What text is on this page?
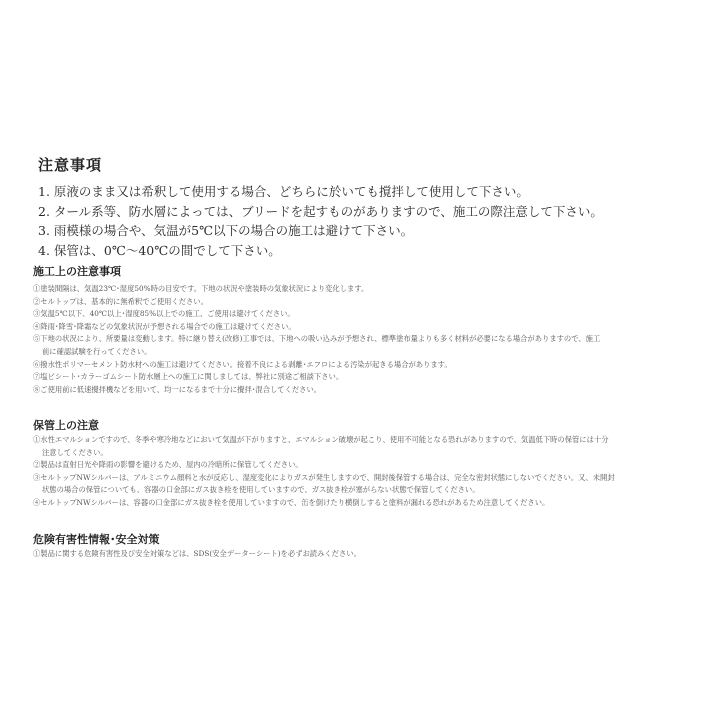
注意事項
1. 原液のまま又は希釈して使用する場合、どちらに於いても撹拌して使用して下さい。
2. タール系等、防水層によっては、ブリードを起すものがありますので、施工の際注意して下さい。
3. 雨模様の場合や、気温が5℃以下の場合の施工は避けて下さい。
4. 保管は、0℃～40℃の間でして下さい。
施工上の注意事項
①塗装間隔は、気温23℃･湿度50%時の目安です。下地の状況や塗装時の気象状況により変化します。
②セルトップは、基本的に無希釈でご使用ください。
③気温5℃以下、40℃以上･湿度85%以上での施工、ご使用は避けてください。
④降雨･降雪･降霜などの気象状況が予想される場合での施工は避けてください。
⑤下地の状況により、所要量は変動します。特に継り替え(改修)工事では、下地への吸い込みが予想され、標準塗布量よりも多く材料が必要になる場合がありますので、施工
前に確認試験を行ってください。
⑥撥水性ポリマーセメント防水材への施工は避けてください。接着不良による剥離･エフロによる汚染が起きる場合があります。
⑦塩ビシート･カラーゴムシート防水層上への施工に関しましては、弊社に別途ご相談下さい。
⑧ご使用前に低速攪拌機などを用いて、均一になるまで十分に攪拌･混合してください。
保管上の注意
①水性エマルションですので、冬季や寒冷地などにおいて気温が下がりますと、エマルション破壊が起こり、使用不可能となる恐れがありますので、気温低下時の保管には十分
注意してください。
②製品は直射日光や降雨の影響を避けるため、屋内の冷暗所に保管してください。
③セルトップNWシルバーは、アルミニウム顔料と水が反応し、湿度変化によりガスが発生しますので、開封後保管する場合は、完全な密封状態にしないでください。又、未開封
状態の場合の保管についても、容器の口金部にガス抜き栓を使用していますので、ガス抜き栓が塞がらない状態で保管してください。
④セルトップNWシルバーは、容器の口金部にガス抜き栓を使用していますので、缶を倒けたり横倒しすると塗料が漏れる恐れがあるため注意してください。
危険有害性情報･安全対策
①製品に関する危険有害性及び安全対策などは、SDS(安全データーシート)を必ずお読みください。
